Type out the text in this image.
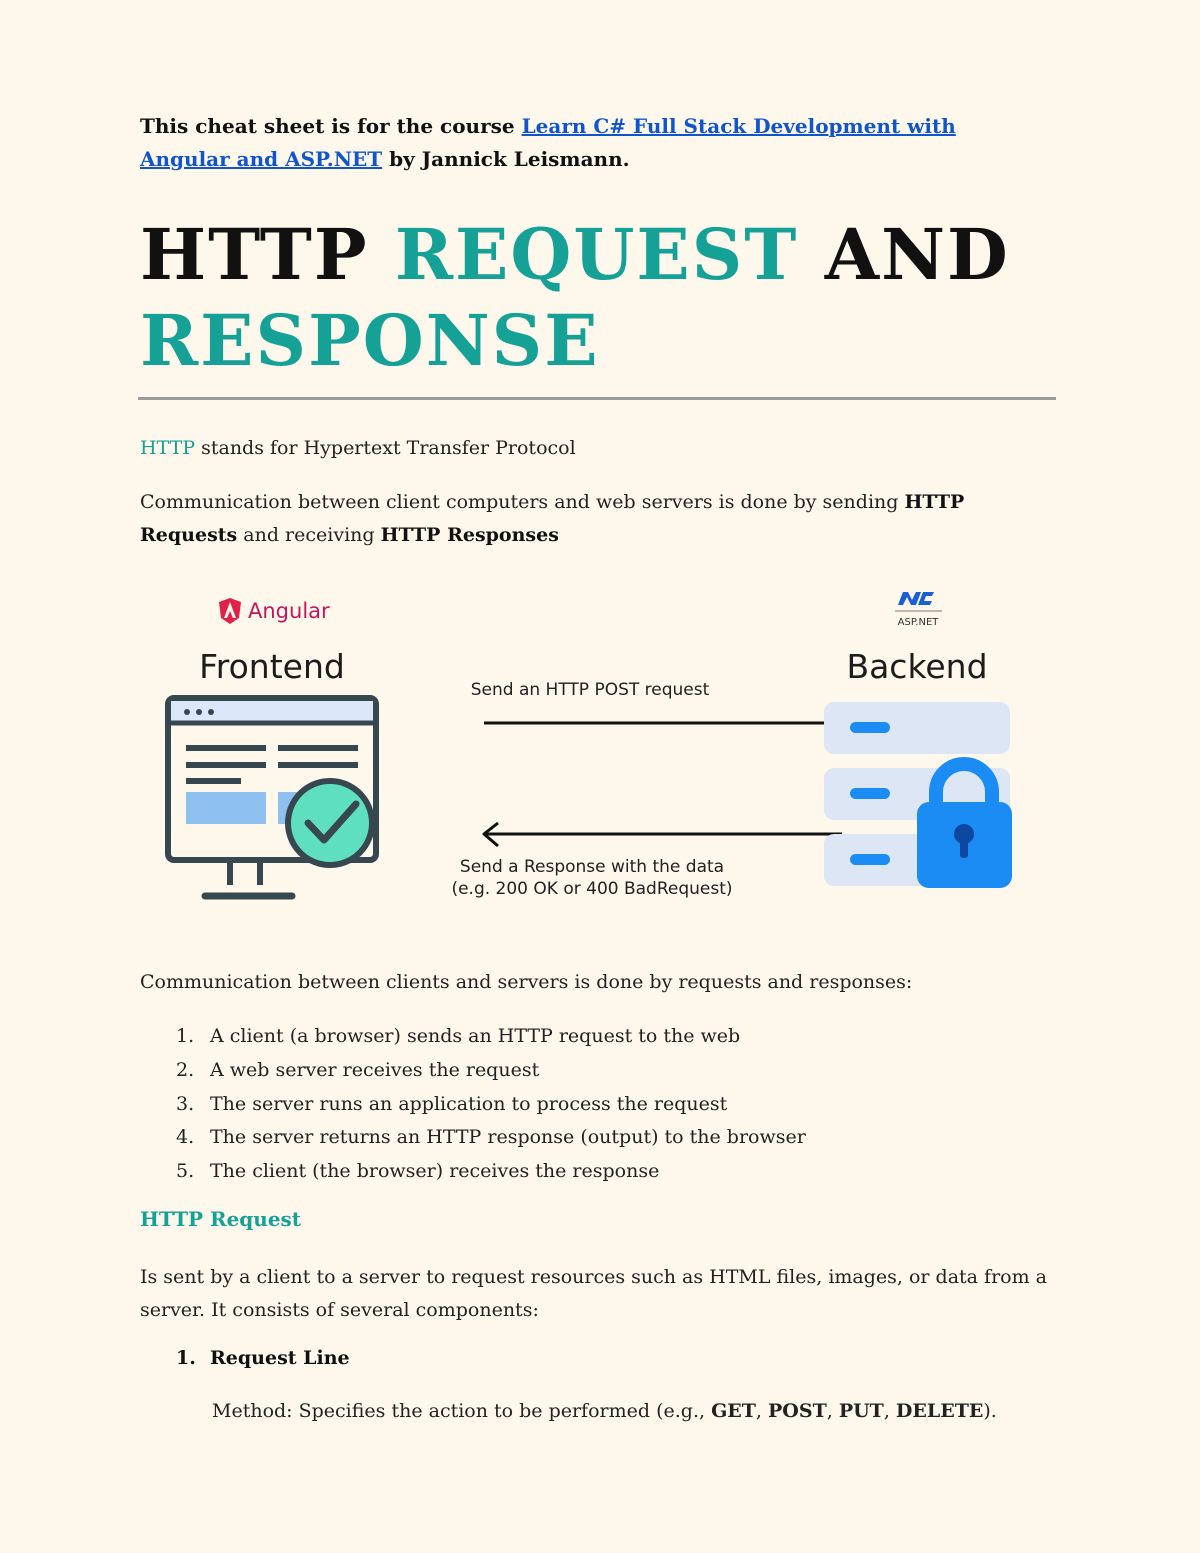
This cheat sheet is for the course Learn C# Full Stack Development with Angular and ASP.NET by Jannick Leismann.
HTTP REQUEST AND
RESPONSE
HTTP stands for Hypertext Transfer Protocol
Communication between client computers and web servers is done by sending HTTP Requests and receiving HTTP Responses
Angular	ASP.NET
Frontend	Backend
Send an HTTP POST request
Send a Response with the data
(e.g. 200 OK or 400 BadRequest)
Communication between clients and servers is done by requests and responses:
1. A client (a browser) sends an HTTP request to the web
2. A web server receives the request
3. The server runs an application to process the request
4. The server returns an HTTP response (output) to the browser
5. The client (the browser) receives the response
HTTP Request
Is sent by a client to a server to request resources such as HTML files, images, or data from a server. It consists of several components:
1. Request Line
Method: Specifies the action to be performed (e.g., GET, POST, PUT, DELETE).
